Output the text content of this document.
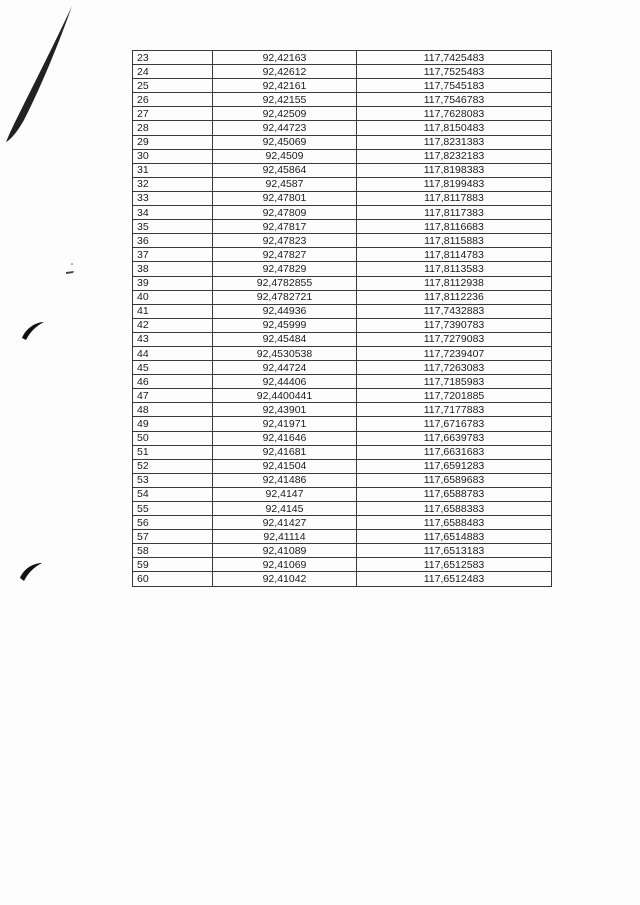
23	92,42163	117,7425483
24	92,42612	117,7525483
25	92,42161	117,7545183
26	92,42155	117,7546783
27	92,42509	117,7628083
28	92,44723	117,8150483
29	92,45069	117,8231383
30	92,4509	117,8232183
31	92,45864	117,8198383
32	92,4587	117,8199483
33	92,47801	117,8117883
34	92,47809	117,8117383
35	92,47817	117,8116683
36	92,47823	117,8115883
37	92,47827	117,8114783
38	92,47829	117,8113583
39	92,4782855	117,8112938
40	92,4782721	117,8112236
41	92,44936	117,7432883
42	92,45999	117,7390783
43	92,45484	117,7279083
44	92,4530538	117,7239407
45	92,44724	117,7263083
46	92,44406	117,7185983
47	92,4400441	117,7201885
48	92,43901	117,7177883
49	92,41971	117,6716783
50	92,41646	117,6639783
51	92,41681	117,6631683
52	92,41504	117,6591283
53	92,41486	117,6589683
54	92,4147	117,6588783
55	92,4145	117,6588383
56	92,41427	117,6588483
57	92,41114	117,6514883
58	92,41089	117,6513183
59	92,41069	117,6512583
60	92,41042	117,6512483
